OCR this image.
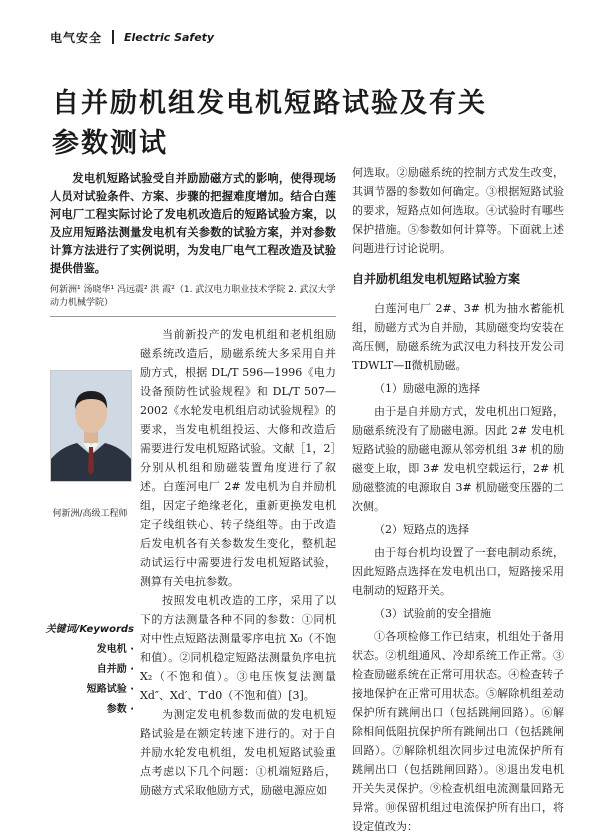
电气安全 Electric Safety
自并励机组发电机短路试验及有关
参数测试

发电机短路试验受自并励励磁方式的影响，使得现场人员对试验条件、方案、步骤的把握难度增加。结合白莲河电厂工程实际讨论了发电机改造后的短路试验方案，以及应用短路法测量发电机有关参数的试验方案，并对参数计算方法进行了实例说明，为发电厂电气工程改造及试验提供借鉴。

何新洲¹ 汤晓华¹ 冯远震² 洪 霞²（1. 武汉电力职业技术学院 2. 武汉大学动力机械学院）

何新洲/高级工程师

关键词/Keywords
发电机 ·
自并励 ·
短路试验 ·
参数 ·

当前新投产的发电机组和老机组励磁系统改造后，励磁系统大多采用自并励方式，根据 DL/T 596—1996《电力设备预防性试验规程》和 DL/T 507—2002《水轮发电机组启动试验规程》的要求，当发电机组投运、大修和改造后需要进行发电机短路试验。文献［1，2］分别从机组和励磁装置角度进行了叙述。白莲河电厂 2# 发电机为自并励机组，因定子绝缘老化，重新更换发电机定子线组铁心、转子绕组等。由于改造后发电机各有关参数发生变化，整机起动试运行中需要进行发电机短路试验，测算有关电抗参数。

按照发电机改造的工序，采用了以下的方法测量各种不同的参数：①同机对中性点短路法测量零序电抗 X₀（不饱和值）。②同机稳定短路法测量负序电抗 X₂（不饱和值）。③电压恢复法测量 Xd″、Xd′、T′d0（不饱和值）[3]。

为测定发电机参数而做的发电机短路试验是在额定转速下进行的。对于自并励水轮发电机组，发电机短路试验重点考虑以下几个问题：①机端短路后，励磁方式采取他励方式，励磁电源应如

何选取。②励磁系统的控制方式发生改变，其调节器的参数如何确定。③根据短路试验的要求，短路点如何选取。④试验时有哪些保护措施。⑤参数如何计算等。下面就上述问题进行讨论说明。

自并励机组发电机短路试验方案

白莲河电厂 2#、3# 机为抽水蓄能机组，励磁方式为自并励，其励磁变均安装在高压侧，励磁系统为武汉电力科技开发公司 TDWLT—Ⅱ微机励磁。

（1）励磁电源的选择

由于是自并励方式，发电机出口短路，励磁系统没有了励磁电源。因此 2# 发电机短路试验的励磁电源从邻旁机组 3# 机的励磁变上取，即 3# 发电机空载运行，2# 机励磁整流的电源取自 3# 机励磁变压器的二次侧。

（2）短路点的选择

由于每台机均设置了一套电制动系统，因此短路点选择在发电机出口，短路接采用电制动的短路开关。

（3）试验前的安全措施

①各项检修工作已结束，机组处于备用状态。②机组通风、冷却系统工作正常。③检查励磁系统在正常可用状态。④检查转子接地保护在正常可用状态。⑤解除机组差动保护所有跳闸出口（包括跳闸回路）。⑥解除相间低阻抗保护所有跳闸出口（包括跳闸回路）。⑦解除机组次同步过电流保护所有跳闸出口（包括跳闸回路）。⑧退出发电机开关失灵保护。⑨检查机组电流测量回路无异常。⑩保留机组过电流保护所有出口，将设定值改为：
